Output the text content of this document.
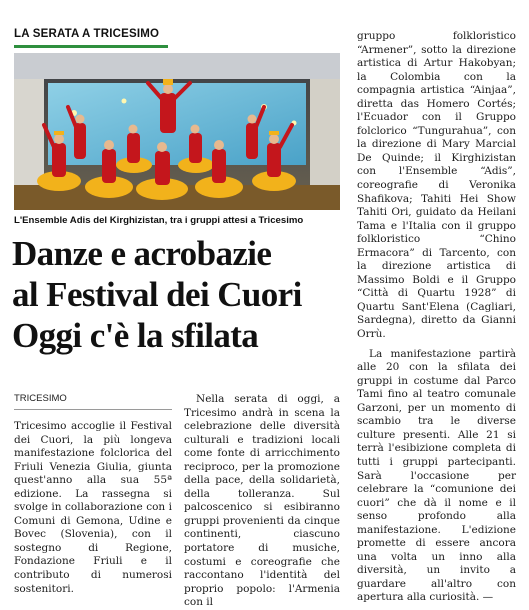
LA SERATA A TRICESIMO
L'Ensemble Adis del Kirghizistan, tra i gruppi attesi a Tricesimo
Danze e acrobazie
al Festival dei Cuori
Oggi c'è la sfilata
TRICESIMO

Tricesimo accoglie il Festival dei Cuori, la più longeva manifestazione folclorica del Friuli Venezia Giulia, giunta quest'anno alla sua 55ª edizione. La rassegna si svolge in collaborazione con i Comuni di Gemona, Udine e Bovec (Slovenia), con il sostegno di Regione, Fondazione Friuli e il contributo di numerosi sostenitori.

Nella serata di oggi, a Tricesimo andrà in scena la celebrazione delle diversità culturali e tradizioni locali come fonte di arricchimento reciproco, per la promozione della pace, della solidarietà, della tolleranza. Sul palcoscenico si esibiranno gruppi provenienti da cinque continenti, ciascuno portatore di musiche, costumi e coreografie che raccontano l'identità del proprio popolo: l'Armenia con il

gruppo folkloristico “Armener”, sotto la direzione artistica di Artur Hakobyan; la Colombia con la compagnia artistica “Ainjaa”, diretta das Homero Cortés; l'Ecuador con il Gruppo folclorico “Tungurahua”, con la direzione di Mary Marcial De Quinde; il Kirghizistan con l'Ensemble “Adis”, coreografie di Veronika Shafikova; Tahiti Hei Show Tahiti Ori, guidato da Heilani Tama e l'Italia con il gruppo folkloristico “Chino Ermacora” di Tarcento, con la direzione artistica di Massimo Boldi e il Gruppo “Città di Quartu 1928” di Quartu Sant'Elena (Cagliari, Sardegna), diretto da Gianni Orrù.

La manifestazione partirà alle 20 con la sfilata dei gruppi in costume dal Parco Tami fino al teatro comunale Garzoni, per un momento di scambio tra le diverse culture presenti. Alle 21 si terrà l'esibizione completa di tutti i gruppi partecipanti. Sarà l'occasione per celebrare la “comunione dei cuori” che dà il nome e il senso profondo alla manifestazione. L'edizione promette di essere ancora una volta un inno alla diversità, un invito a guardare all'altro con apertura alla curiosità. —
